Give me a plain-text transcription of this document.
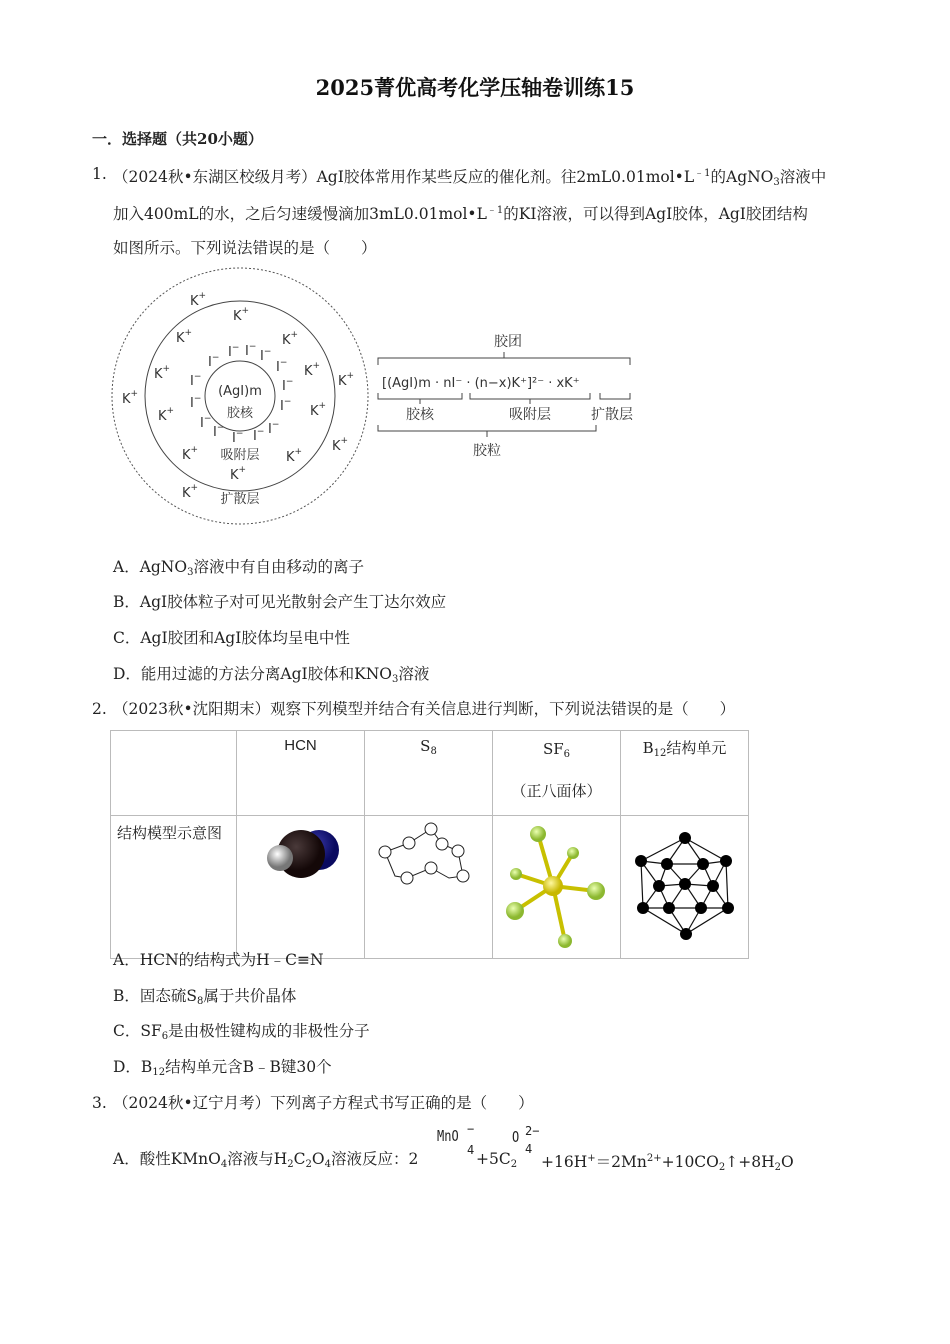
2025菁优高考化学压轴卷训练15
一．选择题（共20小题）
1. （2024秋•东湖区校级月考）AgI胶体常用作某些反应的催化剂。往$2mL0.01mol•L^{﹣1}$的AgNO$_3$溶液中
加入400mL的水，之后匀速缓慢滴加$3mL0.01mol•L^{﹣1}$的KI溶液，可以得到AgI胶体，AgI胶团结构
如图所示。下列说法错误的是（　　）
(AgI)m
胶核
I− I− I−
I−
I−
I−
I−
I−
I−
I−
I−
I−
I−
I−
K+
K+
K+	K+
K+	K+
K+
K+
K+	K+
K+
K+	K+
K+
K+
吸附层
扩散层
胶团
[(AgI)m · nI⁻ · (n−x)K⁺]²⁻ · xK⁺
胶核	吸附层	扩散层
胶粒
A．AgNO$_3$溶液中有自由移动的离子
B．AgI胶体粒子对可见光散射会产生丁达尔效应
C．AgI胶团和AgI胶体均呈电中性
D．能用过滤的方法分离AgI胶体和$KNO_3$溶液
2. （2023秋•沈阳期末）观察下列模型并结合有关信息进行判断，下列说法错误的是（　　）
	HCN	$S_8$	$SF_6$（正八面体）	$B_{12}$结构单元
结构模型示意图				
A．HCN的结构式为H﹣C≡N
B．固态硫$S_8$属于共价晶体
C．$SF_6$是由极性键构成的非极性分子
D．$B_{12}$结构单元含B﹣B键30个
3. （2024秋•辽宁月考）下列离子方程式书写正确的是（　　）
A．酸性KMnO$_4$溶液与$H_2C_2O_4$溶液反应：2
MnO −
$4 +5C_2$
O 2−
4
$+16H^+=2Mn^{2+}+10CO_2↑+8H_2O$
